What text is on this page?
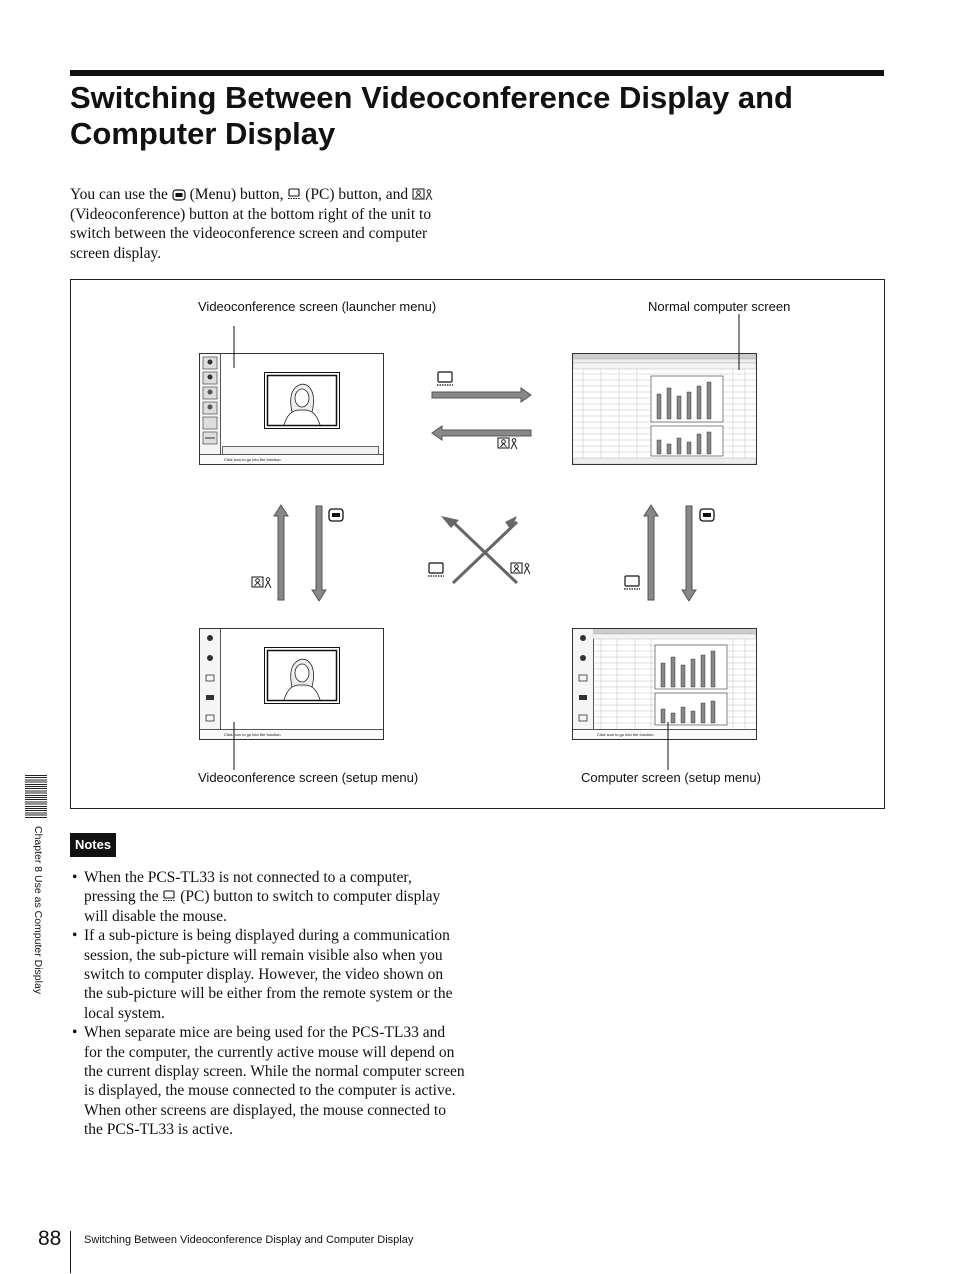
Switching Between Videoconference Display and Computer Display
You can use the (Menu) button, (PC) button, and  (Videoconference) button at the bottom right of the unit to switch between the videoconference screen and computer screen display.
Videoconference screen (launcher menu)	Normal computer screen
Videoconference screen (setup menu)	Computer screen (setup menu)
Click icon to go into the function.
Click icon to go into the function.	Click icon to go into the function.
Notes
• When the PCS-TL33 is not connected to a computer, pressing the (PC) button to switch to computer display will disable the mouse.
• If a sub-picture is being displayed during a communication session, the sub-picture will remain visible also when you switch to computer display. However, the video shown on the sub-picture will be either from the remote system or the local system.
• When separate mice are being used for the PCS-TL33 and for the computer, the currently active mouse will depend on the current display screen. While the normal computer screen is displayed, the mouse connected to the computer is active. When other screens are displayed, the mouse connected to the PCS-TL33 is active.
Chapter 8 Use as Computer Display
88 Switching Between Videoconference Display and Computer Display
